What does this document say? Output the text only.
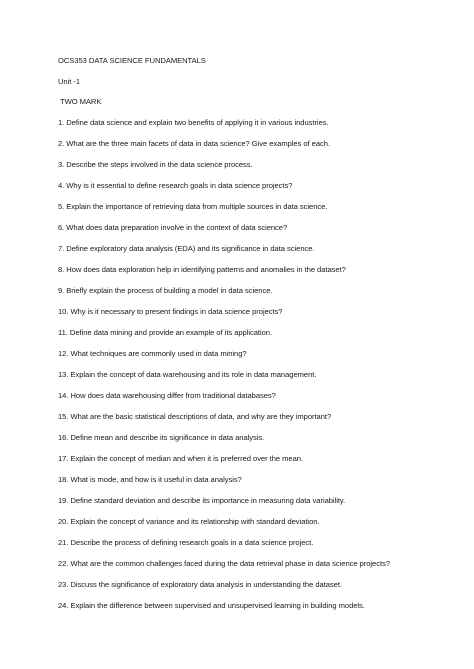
OCS353 DATA SCIENCE FUNDAMENTALS
Unit -1
TWO MARK
1. Define data science and explain two benefits of applying it in various industries.
2. What are the three main facets of data in data science? Give examples of each.
3. Describe the steps involved in the data science process.
4. Why is it essential to define research goals in data science projects?
5. Explain the importance of retrieving data from multiple sources in data science.
6. What does data preparation involve in the context of data science?
7. Define exploratory data analysis (EDA) and its significance in data science.
8. How does data exploration help in identifying patterns and anomalies in the dataset?
9. Briefly explain the process of building a model in data science.
10. Why is it necessary to present findings in data science projects?
11. Define data mining and provide an example of its application.
12. What techniques are commonly used in data mining?
13. Explain the concept of data warehousing and its role in data management.
14. How does data warehousing differ from traditional databases?
15. What are the basic statistical descriptions of data, and why are they important?
16. Define mean and describe its significance in data analysis.
17. Explain the concept of median and when it is preferred over the mean.
18. What is mode, and how is it useful in data analysis?
19. Define standard deviation and describe its importance in measuring data variability.
20. Explain the concept of variance and its relationship with standard deviation.
21. Describe the process of defining research goals in a data science project.
22. What are the common challenges faced during the data retrieval phase in data science projects?
23. Discuss the significance of exploratory data analysis in understanding the dataset.
24. Explain the difference between supervised and unsupervised learning in building models.
